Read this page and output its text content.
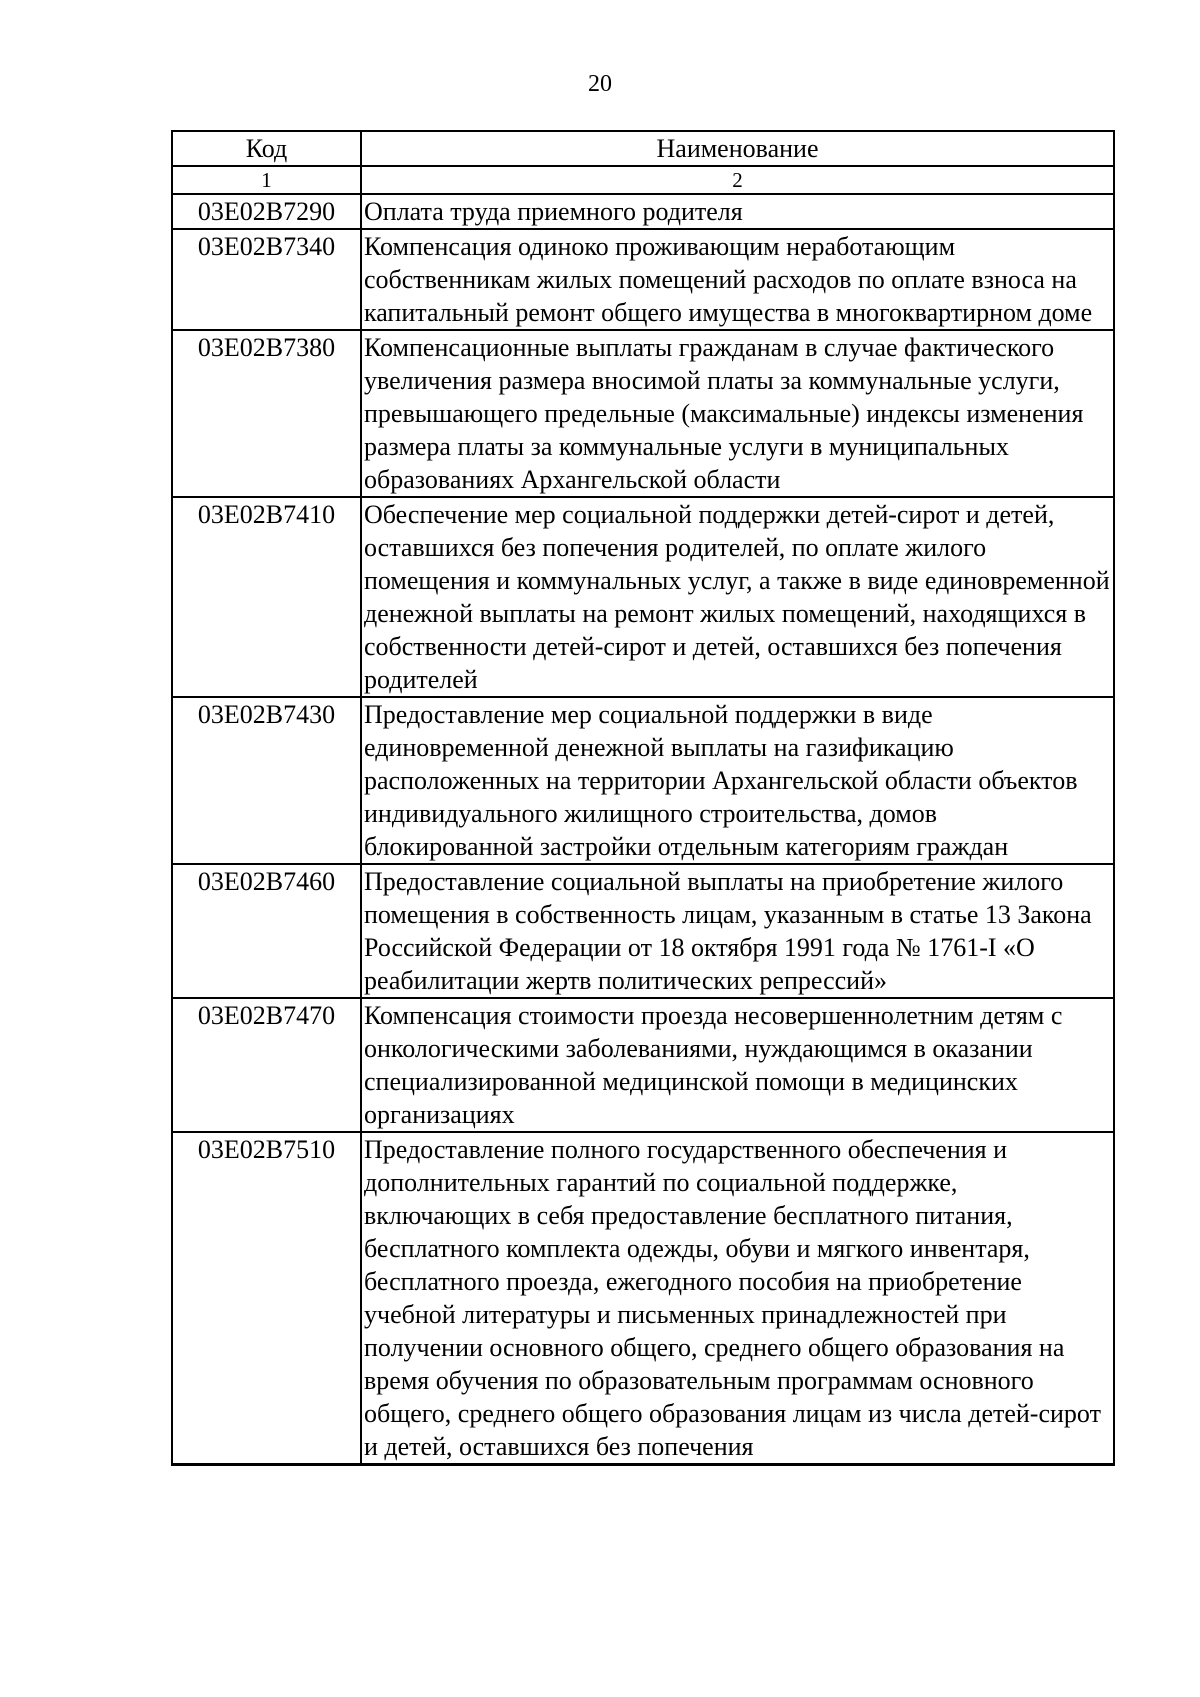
20
Код	Наименование
1	2
03E02B7290	Оплата труда приемного родителя
03E02B7340	Компенсация одиноко проживающим неработающим собственникам жилых помещений расходов по оплате взноса на капитальный ремонт общего имущества в многоквартирном доме
03E02B7380	Компенсационные выплаты гражданам в случае фактического увеличения размера вносимой платы за коммунальные услуги, превышающего предельные (максимальные) индексы изменения размера платы за коммунальные услуги в муниципальных образованиях Архангельской области
03E02B7410	Обеспечение мер социальной поддержки детей-сирот и детей, оставшихся без попечения родителей, по оплате жилого помещения и коммунальных услуг, а также в виде единовременной денежной выплаты на ремонт жилых помещений, находящихся в собственности детей-сирот и детей, оставшихся без попечения родителей
03E02B7430	Предоставление мер социальной поддержки в виде единовременной денежной выплаты на газификацию расположенных на территории Архангельской области объектов индивидуального жилищного строительства, домов блокированной застройки отдельным категориям граждан
03E02B7460	Предоставление социальной выплаты на приобретение жилого помещения в собственность лицам, указанным в статье 13 Закона Российской Федерации от 18 октября 1991 года № 1761-I «О реабилитации жертв политических репрессий»
03E02B7470	Компенсация стоимости проезда несовершеннолетним детям с онкологическими заболеваниями, нуждающимся в оказании специализированной медицинской помощи в медицинских организациях
03E02B7510	Предоставление полного государственного обеспечения и дополнительных гарантий по социальной поддержке, включающих в себя предоставление бесплатного питания, бесплатного комплекта одежды, обуви и мягкого инвентаря, бесплатного проезда, ежегодного пособия на приобретение учебной литературы и письменных принадлежностей при получении основного общего, среднего общего образования на время обучения по образовательным программам основного общего, среднего общего образования лицам из числа детей-сирот и детей, оставшихся без попечения
